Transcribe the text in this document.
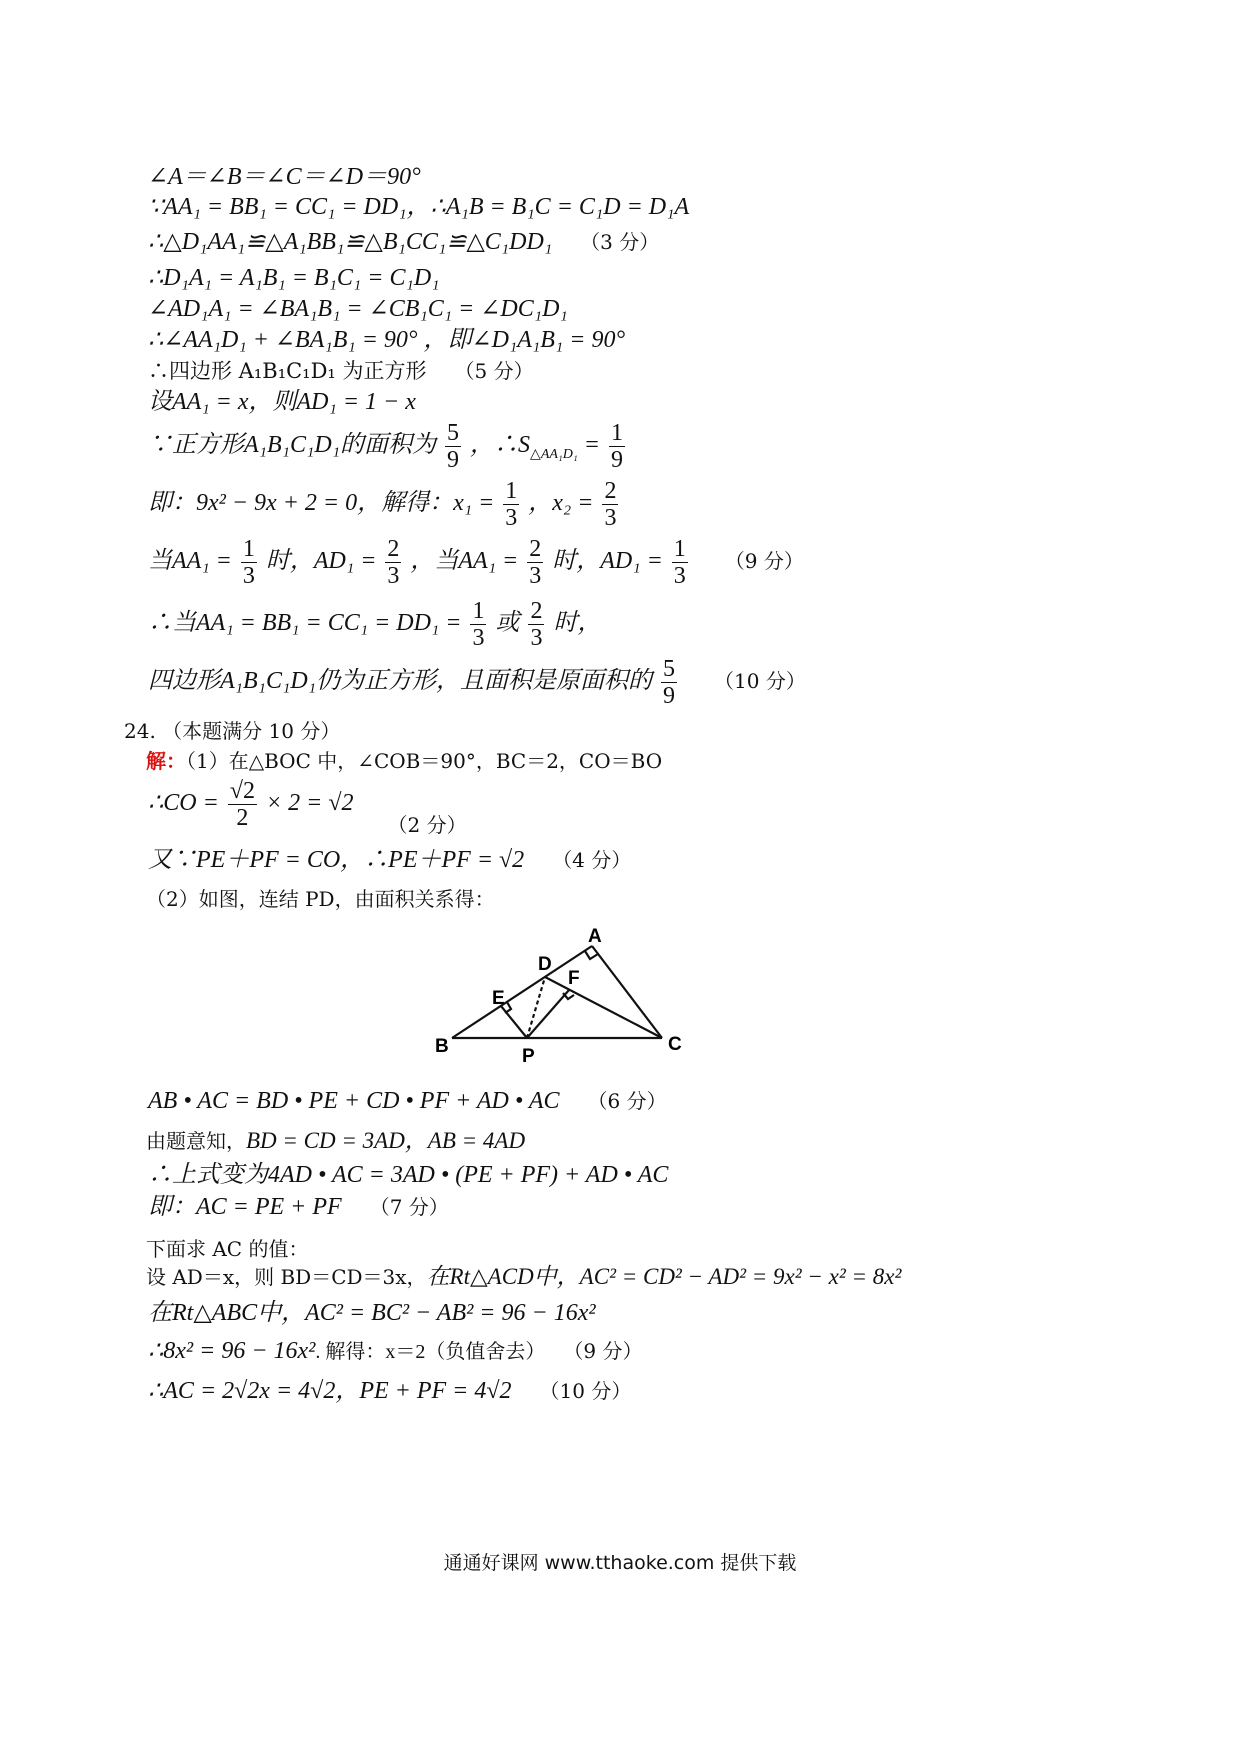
∠A＝∠B＝∠C＝∠D＝90°
∵AA₁ = BB₁ = CC₁ = DD₁，∴A₁B = B₁C = C₁D = D₁A
∴△D₁AA₁≌△A₁BB₁≌△B₁CC₁≌△C₁DD₁ （3 分）
∴D₁A₁ = A₁B₁ = B₁C₁ = C₁D₁
∠AD₁A₁ = ∠BA₁B₁ = ∠CB₁C₁ = ∠DC₁D₁
∴∠AA₁D₁ + ∠BA₁B₁ = 90° ，即∠D₁A₁B₁ = 90°
∴四边形 A₁B₁C₁D₁ 为正方形 （5 分）
设AA₁ = x，则AD₁ = 1 − x
∵正方形A₁B₁C₁D₁的面积为 $\frac{5}{9}$ ，$\therefore S_{\triangle AA_1D_1} = \frac{1}{9}$
即：9x² − 9x + 2 = 0，解得：$x_1 = \frac{1}{3}$ ，$x_2 = \frac{2}{3}$
当$AA_1 = \frac{1}{3}$ 时，$AD_1 = \frac{2}{3}$ ，当$AA_1 = \frac{2}{3}$ 时，$AD_1 = \frac{1}{3} (9$ 分）
∴当$AA_1 = BB_1 = CC_1 = DD_1 = \frac{1}{3}$ 或 $\frac{2}{3}$ 时，
四边形A₁B₁C₁D₁仍为正方形，且面积是原面积的 $\frac{5}{9} (10$ 分）
24. （本题满分 10 分）
解：（1）在△BOC 中，∠COB＝90°，BC＝2，CO＝BO
∴CO = $\frac{√2}{2} \times 2 = √2$ $_{(2 分)}$
又∵PE＋PF = CO，∴PE＋PF = √2 （4 分）
（2）如图，连结 PD，由面积关系得：
A
B	C
D
E
F
P
AB • AC = BD • PE + CD • PF + AD • AC （6 分）
由题意知，BD = CD = 3AD，AB = 4AD
∴上式变为4AD • AC = 3AD • (PE + PF) + AD • AC
即：AC = PE + PF （7 分）
下面求 AC 的值：
设 AD＝x，则 BD＝CD＝3x，在Rt△ACD中，AC² = CD² − AD² = 9x² − x² = 8x²
在Rt△ABC中，AC² = BC² − AB² = 96 − 16x²
∴8x² = 96 − 16x². 解得：x＝2（负值舍去） （9 分）
∴AC = 2√2x = 4√2，PE + PF = 4√2 （10 分）
通通好课网 www.tthaoke.com 提供下载
